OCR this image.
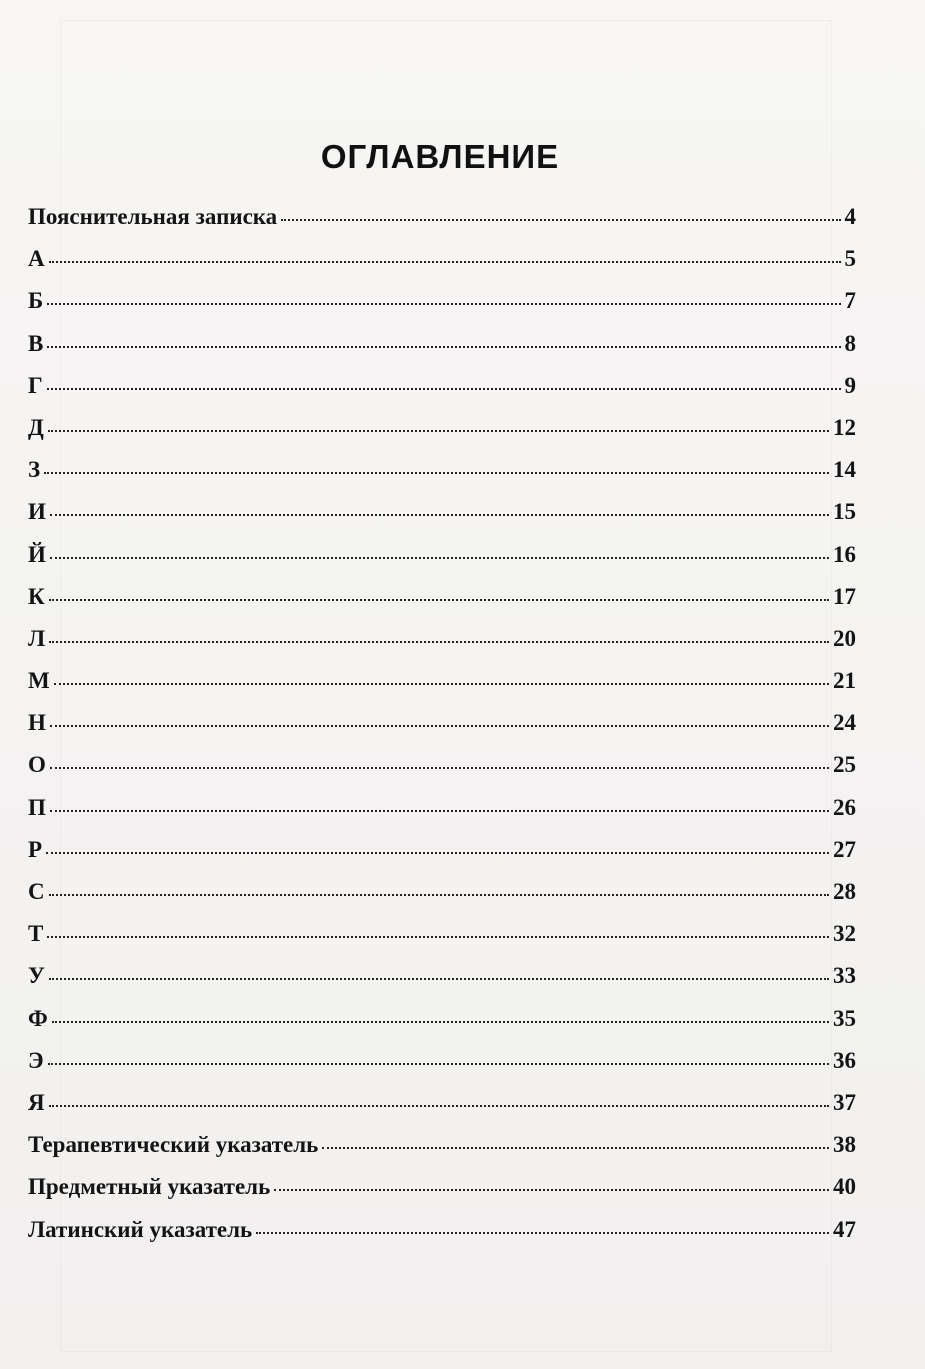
ОГЛАВЛЕНИЕ
Пояснительная записка	4
А	5
Б	7
В	8
Г	9
Д	12
З	14
И	15
Й	16
К	17
Л	20
М	21
Н	24
О	25
П	26
Р	27
С	28
Т	32
У	33
Ф	35
Э	36
Я	37
Терапевтический указатель	38
Предметный указатель	40
Латинский указатель	47
